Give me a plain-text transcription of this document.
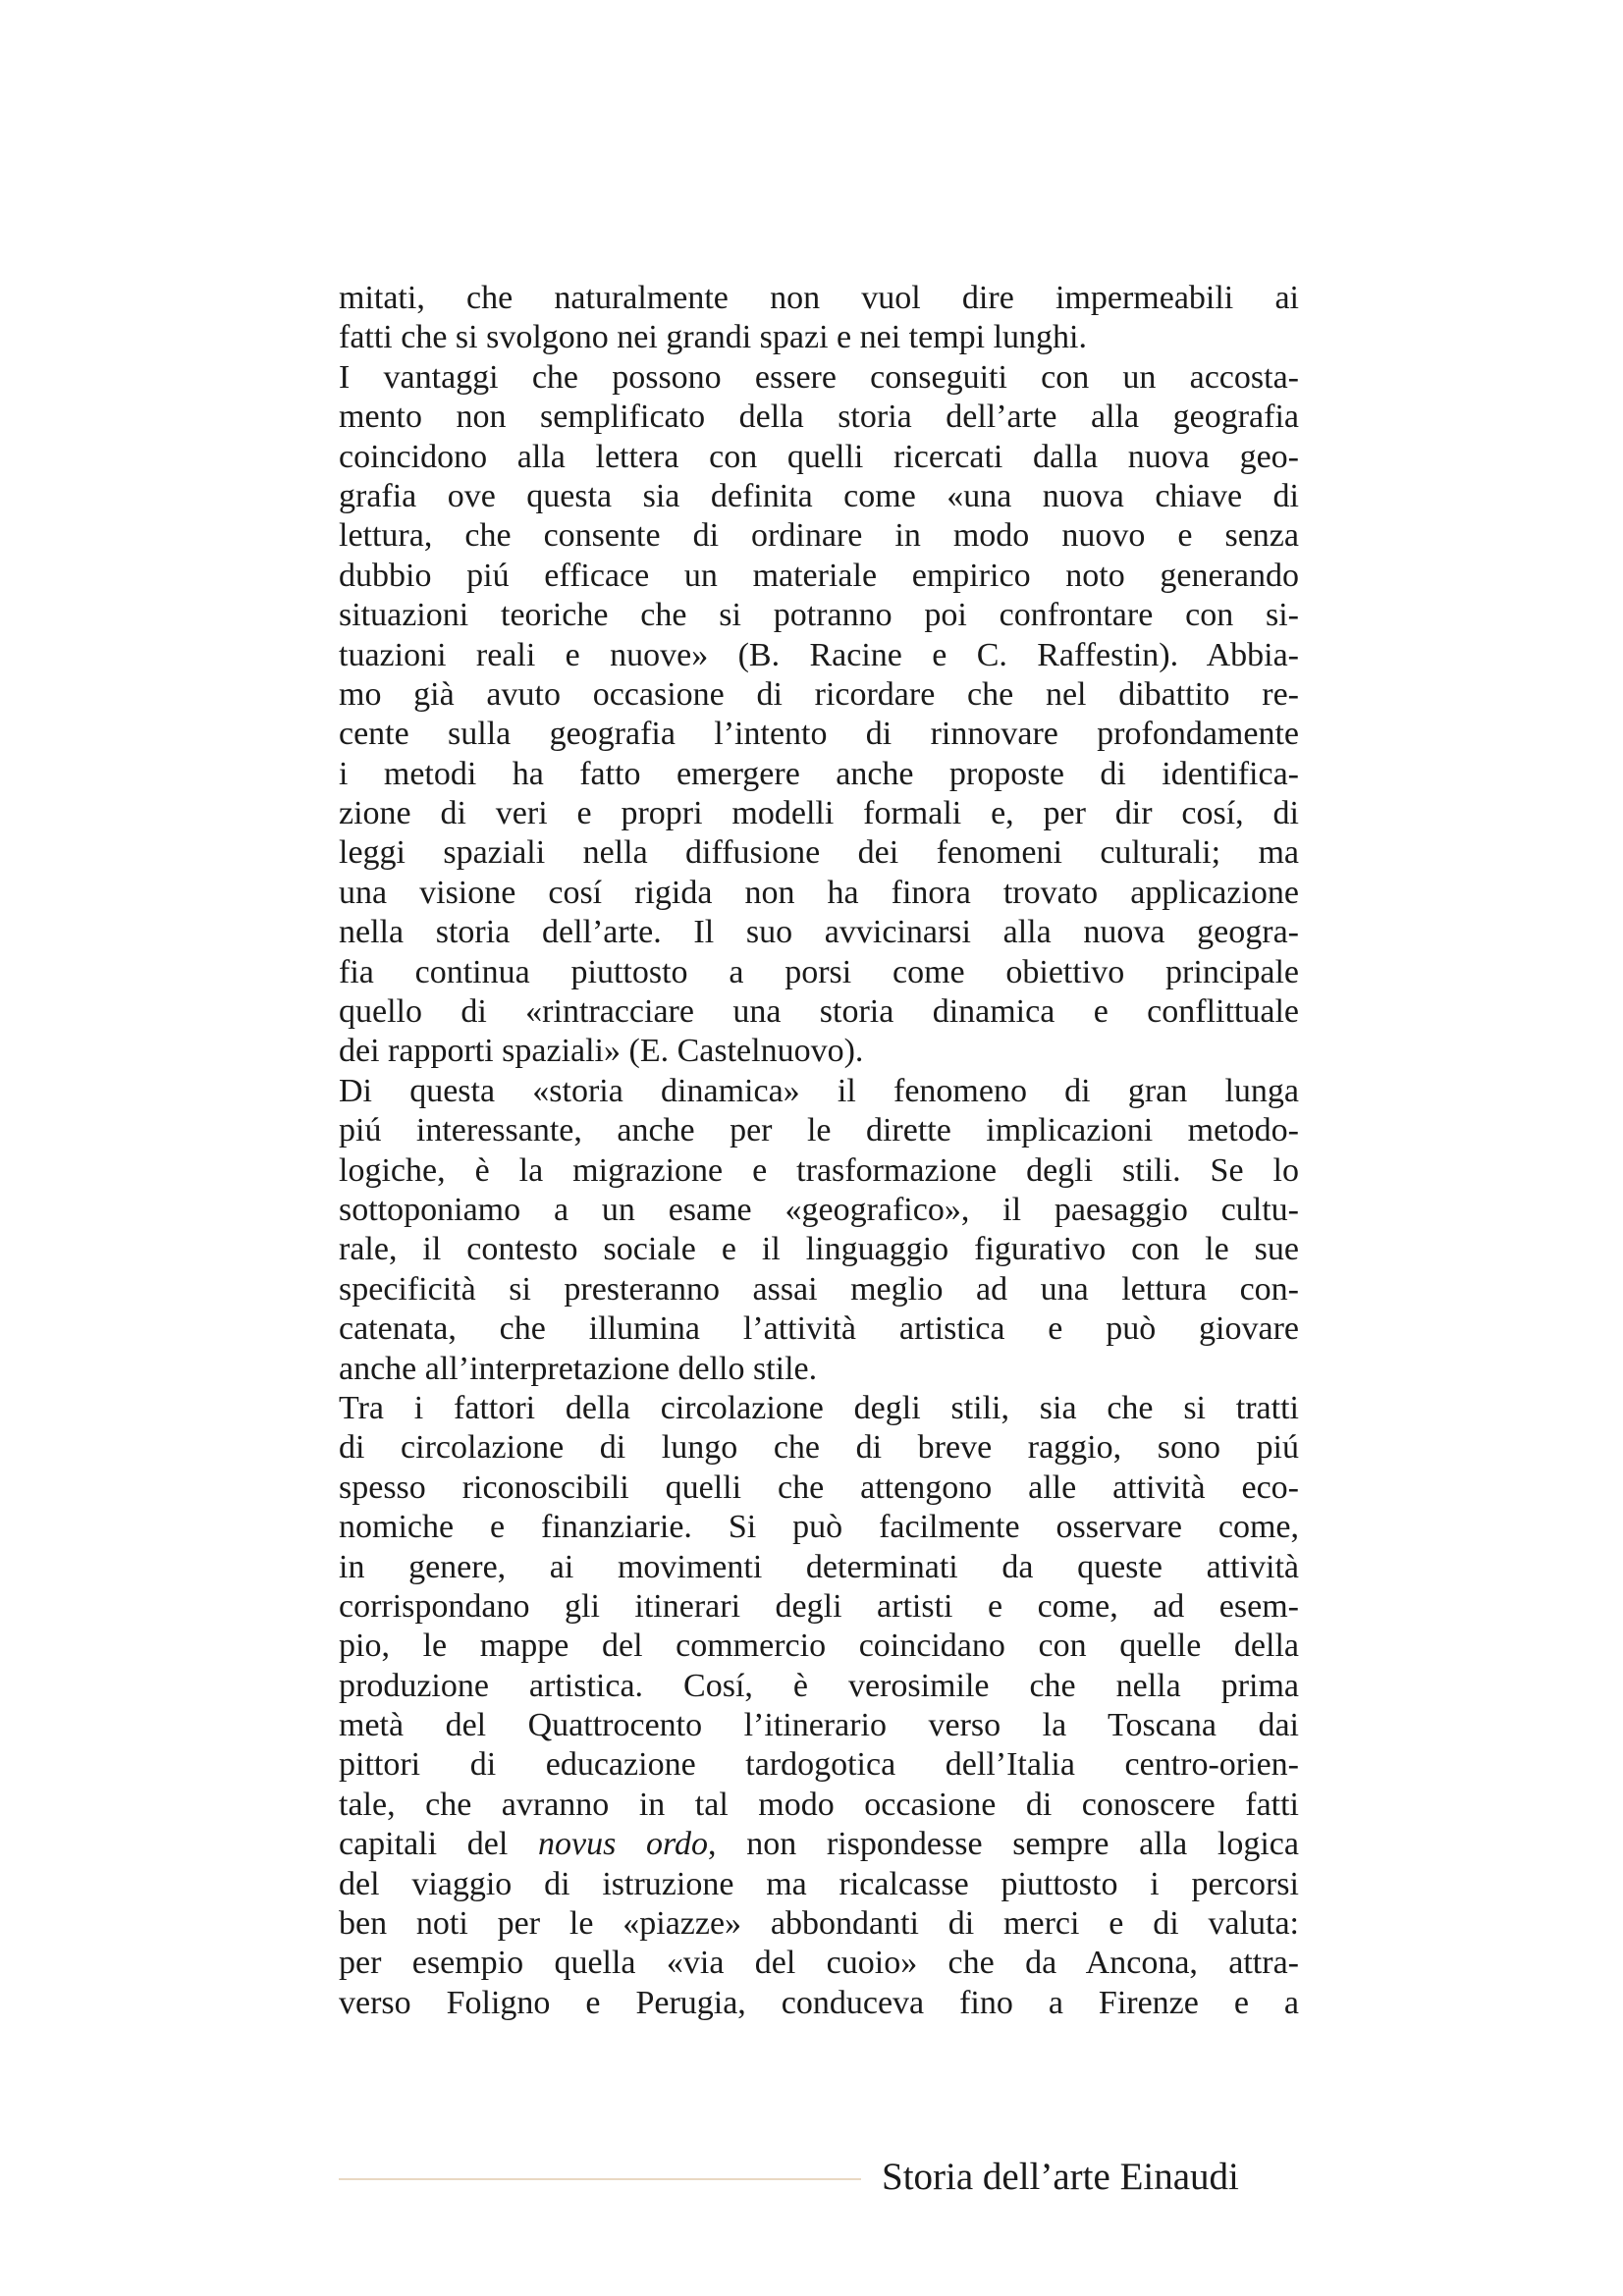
mitati, che naturalmente non vuol dire impermeabili ai
fatti che si svolgono nei grandi spazi e nei tempi lunghi.
I vantaggi che possono essere conseguiti con un accosta-
mento non semplificato della storia dell’arte alla geografia
coincidono alla lettera con quelli ricercati dalla nuova geo-
grafia ove questa sia definita come «una nuova chiave di
lettura, che consente di ordinare in modo nuovo e senza
dubbio piú efficace un materiale empirico noto generando
situazioni teoriche che si potranno poi confrontare con si-
tuazioni reali e nuove» (B. Racine e C. Raffestin). Abbia-
mo già avuto occasione di ricordare che nel dibattito re-
cente sulla geografia l’intento di rinnovare profondamente
i metodi ha fatto emergere anche proposte di identifica-
zione di veri e propri modelli formali e, per dir cosí, di
leggi spaziali nella diffusione dei fenomeni culturali; ma
una visione cosí rigida non ha finora trovato applicazione
nella storia dell’arte. Il suo avvicinarsi alla nuova geogra-
fia continua piuttosto a porsi come obiettivo principale
quello di «rintracciare una storia dinamica e conflittuale
dei rapporti spaziali» (E. Castelnuovo).
Di questa «storia dinamica» il fenomeno di gran lunga
piú interessante, anche per le dirette implicazioni metodo-
logiche, è la migrazione e trasformazione degli stili. Se lo
sottoponiamo a un esame «geografico», il paesaggio cultu-
rale, il contesto sociale e il linguaggio figurativo con le sue
specificità si presteranno assai meglio ad una lettura con-
catenata, che illumina l’attività artistica e può giovare
anche all’interpretazione dello stile.
Tra i fattori della circolazione degli stili, sia che si tratti
di circolazione di lungo che di breve raggio, sono piú
spesso riconoscibili quelli che attengono alle attività eco-
nomiche e finanziarie. Si può facilmente osservare come,
in genere, ai movimenti determinati da queste attività
corrispondano gli itinerari degli artisti e come, ad esem-
pio, le mappe del commercio coincidano con quelle della
produzione artistica. Cosí, è verosimile che nella prima
metà del Quattrocento l’itinerario verso la Toscana dai
pittori di educazione tardogotica dell’Italia centro-orien-
tale, che avranno in tal modo occasione di conoscere fatti
capitali del novus ordo, non rispondesse sempre alla logica
del viaggio di istruzione ma ricalcasse piuttosto i percorsi
ben noti per le «piazze» abbondanti di merci e di valuta:
per esempio quella «via del cuoio» che da Ancona, attra-
verso Foligno e Perugia, conduceva fino a Firenze e a
Storia dell’arte Einaudi
